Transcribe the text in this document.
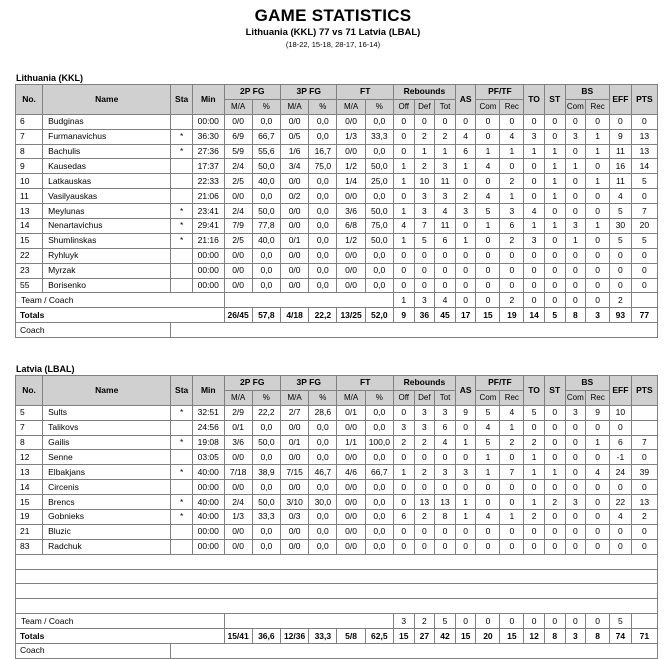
GAME STATISTICS
Lithuania (KKL) 77 vs 71 Latvia (LBAL)
(18-22, 15-18, 28-17, 16-14)
Lithuania (KKL)
No.	Name	Sta	Min	2P FG		3P FG		FT		Rebounds			AS	PF/TF		TO	ST	BS		EFF	PTS
				M/A	%	M/A	%	M/A	%	Off	Def	Tot		Com	Rec			Com	Rec		
6	Budginas		00:00	0/0	0,0	0/0	0,0	0/0	0,0	0	0	0	0	0	0	0	0	0	0	0	0
7	Furmanavichus	*	36:30	6/9	66,7	0/5	0,0	1/3	33,3	0	2	2	4	0	4	3	0	3	1	9	13
8	Bachulis	*	27:36	5/9	55,6	1/6	16,7	0/0	0,0	0	1	1	6	1	1	1	1	0	1	11	13
9	Kausedas		17:37	2/4	50,0	3/4	75,0	1/2	50,0	1	2	3	1	4	0	0	1	1	0	16	14
10	Latkauskas		22:33	2/5	40,0	0/0	0,0	1/4	25,0	1	10	11	0	0	2	0	1	0	1	11	5
11	Vasilyauskas		21:06	0/0	0,0	0/2	0,0	0/0	0,0	0	3	3	2	4	1	0	1	0	0	4	0
13	Meylunas	*	23:41	2/4	50,0	0/0	0,0	3/6	50,0	1	3	4	3	5	3	4	0	0	0	5	7
14	Nenartavichus	*	29:41	7/9	77,8	0/0	0,0	6/8	75,0	4	7	11	0	1	6	1	1	3	1	30	20
15	Shumlinskas	*	21:16	2/5	40,0	0/1	0,0	1/2	50,0	1	5	6	1	0	2	3	0	1	0	5	5
22	Ryhluyk		00:00	0/0	0,0	0/0	0,0	0/0	0,0	0	0	0	0	0	0	0	0	0	0	0	0
23	Myrzak		00:00	0/0	0,0	0/0	0,0	0/0	0,0	0	0	0	0	0	0	0	0	0	0	0	0
55	Borisenko		00:00	0/0	0,0	0/0	0,0	0/0	0,0	0	0	0	0	0	0	0	0	0	0	0	0
Team / Coach										1	3	4	0	0	2	0	0	0	0	2	
Totals				26/45	57,8	4/18	22,2	13/25	52,0	9	36	45	17	15	19	14	5	8	3	93	77
Coach																					
Latvia (LBAL)
No.	Name	Sta	Min	2P FG		3P FG		FT		Rebounds			AS	PF/TF		TO	ST	BS		EFF	PTS
				M/A	%	M/A	%	M/A	%	Off	Def	Tot		Com	Rec			Com	Rec		
5	Sults	*	32:51	2/9	22,2	2/7	28,6	0/1	0,0	0	3	3	9	5	4	5	0	3	9	10	
7	Talikovs		24:56	0/1	0,0	0/0	0,0	0/0	0,0	3	3	6	0	4	1	0	0	0	0	0	
8	Gailis	*	19:08	3/6	50,0	0/1	0,0	1/1	100,0	2	2	4	1	5	2	2	0	0	1	6	7
12	Senne		03:05	0/0	0,0	0/0	0,0	0/0	0,0	0	0	0	0	1	0	1	0	0	0	-1	0
13	Elbakjans	*	40:00	7/18	38,9	7/15	46,7	4/6	66,7	1	2	3	3	1	7	1	1	0	4	24	39
14	Circenis		00:00	0/0	0,0	0/0	0,0	0/0	0,0	0	0	0	0	0	0	0	0	0	0	0	0
15	Brencs	*	40:00	2/4	50,0	3/10	30,0	0/0	0,0	0	13	13	1	0	0	1	2	3	0	22	13
19	Gobnieks	*	40:00	1/3	33,3	0/3	0,0	0/0	0,0	6	2	8	1	4	1	2	0	0	0	4	2
21	Bluzic		00:00	0/0	0,0	0/0	0,0	0/0	0,0	0	0	0	0	0	0	0	0	0	0	0	0
83	Radchuk		00:00	0/0	0,0	0/0	0,0	0/0	0,0	0	0	0	0	0	0	0	0	0	0	0	0

Team / Coach										3	2	5	0	0	0	0	0	0	0	5	
Totals				15/41	36,6	12/36	33,3	5/8	62,5	15	27	42	15	20	15	12	8	3	8	74	71
Coach																					
